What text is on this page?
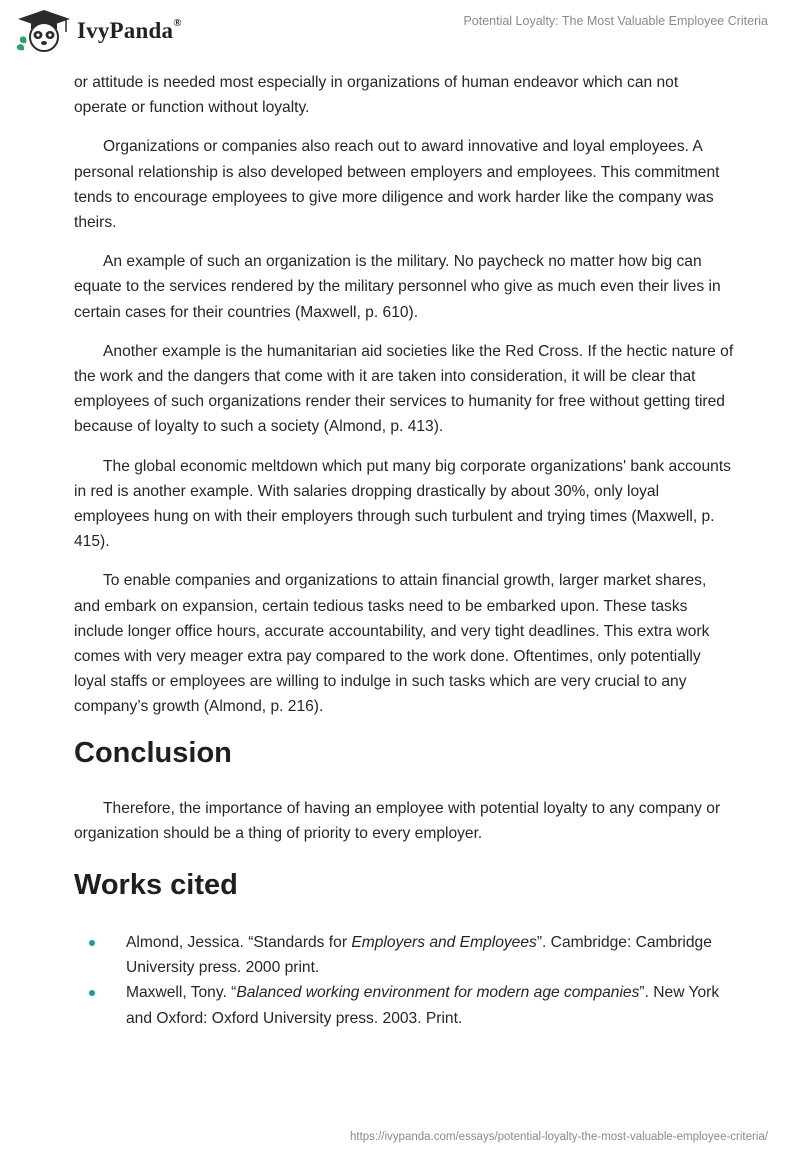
IvyPanda®	Potential Loyalty: The Most Valuable Employee Criteria

or attitude is needed most especially in organizations of human endeavor which can not operate or function without loyalty.

Organizations or companies also reach out to award innovative and loyal employees. A personal relationship is also developed between employers and employees. This commitment tends to encourage employees to give more diligence and work harder like the company was theirs.

An example of such an organization is the military. No paycheck no matter how big can equate to the services rendered by the military personnel who give as much even their lives in certain cases for their countries (Maxwell, p. 610).

Another example is the humanitarian aid societies like the Red Cross. If the hectic nature of the work and the dangers that come with it are taken into consideration, it will be clear that employees of such organizations render their services to humanity for free without getting tired because of loyalty to such a society (Almond, p. 413).

The global economic meltdown which put many big corporate organizations' bank accounts in red is another example. With salaries dropping drastically by about 30%, only loyal employees hung on with their employers through such turbulent and trying times (Maxwell, p. 415).

To enable companies and organizations to attain financial growth, larger market shares, and embark on expansion, certain tedious tasks need to be embarked upon. These tasks include longer office hours, accurate accountability, and very tight deadlines. This extra work comes with very meager extra pay compared to the work done. Oftentimes, only potentially loyal staffs or employees are willing to indulge in such tasks which are very crucial to any company’s growth (Almond, p. 216).

Conclusion

Therefore, the importance of having an employee with potential loyalty to any company or organization should be a thing of priority to every employer.

Works cited
Almond, Jessica. “Standards for Employers and Employees”. Cambridge: Cambridge University press. 2000 print.
Maxwell, Tony. “Balanced working environment for modern age companies”. New York and Oxford: Oxford University press. 2003. Print.
https://ivypanda.com/essays/potential-loyalty-the-most-valuable-employee-criteria/
